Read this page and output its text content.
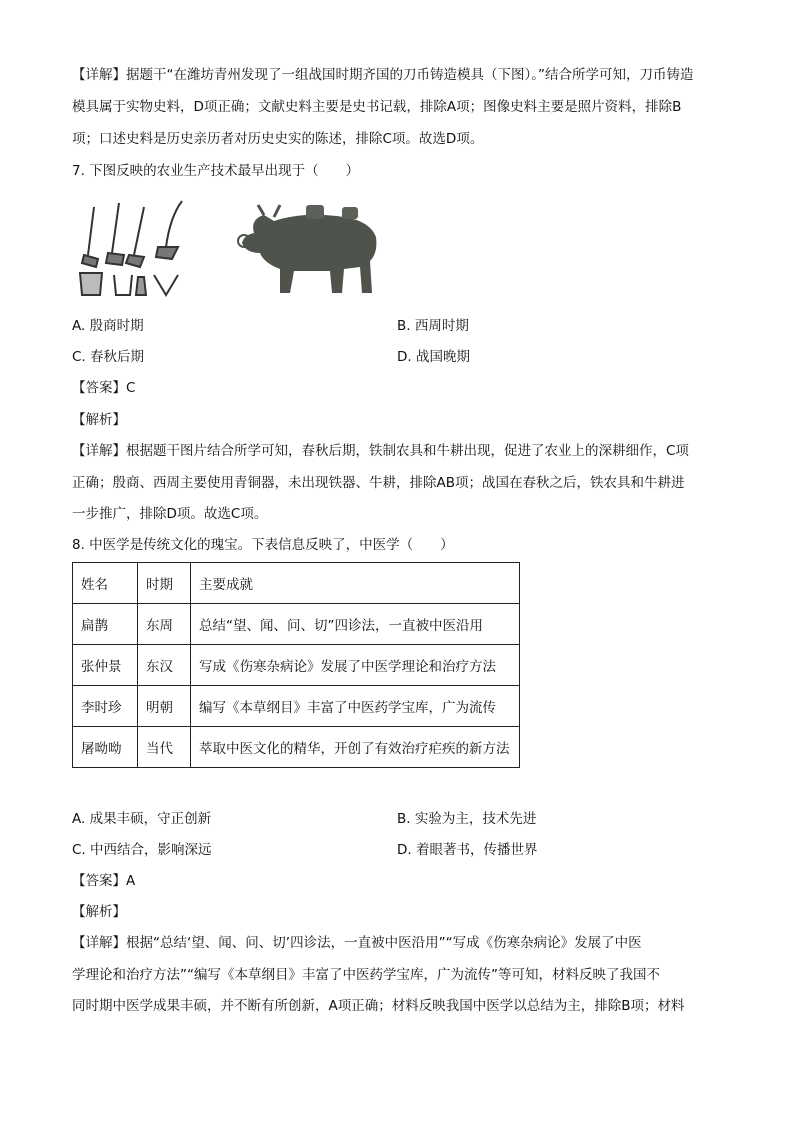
【详解】据题干“在潍坊青州发现了一组战国时期齐国的刀币铸造模具（下图）。”结合所学可知，刀币铸造
模具属于实物史料，D项正确；文献史料主要是史书记载，排除A项；图像史料主要是照片资料，排除B
项；口述史料是历史亲历者对历史史实的陈述，排除C项。故选D项。
7. 下图反映的农业生产技术最早出现于（　　）
A. 殷商时期	B. 西周时期
C. 春秋后期	D. 战国晚期
【答案】C
【解析】
【详解】根据题干图片结合所学可知，春秋后期，铁制农具和牛耕出现，促进了农业上的深耕细作，C项
正确；殷商、西周主要使用青铜器，未出现铁器、牛耕，排除AB项；战国在春秋之后，铁农具和牛耕进
一步推广，排除D项。故选C项。
8. 中医学是传统文化的瑰宝。下表信息反映了，中医学（　　）
姓名	时期	主要成就
扁鹊	东周	总结“望、闻、问、切”四诊法，一直被中医沿用
张仲景	东汉	写成《伤寒杂病论》发展了中医学理论和治疗方法
李时珍	明朝	编写《本草纲目》丰富了中医药学宝库，广为流传
屠呦呦	当代	萃取中医文化的精华，开创了有效治疗疟疾的新方法
A. 成果丰硕，守正创新	B. 实验为主，技术先进
C. 中西结合，影响深远	D. 着眼著书，传播世界
【答案】A
【解析】
【详解】根据“总结‘望、闻、问、切’四诊法，一直被中医沿用”“写成《伤寒杂病论》发展了中医
学理论和治疗方法”“编写《本草纲目》丰富了中医药学宝库，广为流传”等可知，材料反映了我国不
同时期中医学成果丰硕，并不断有所创新，A项正确；材料反映我国中医学以总结为主，排除B项；材料
